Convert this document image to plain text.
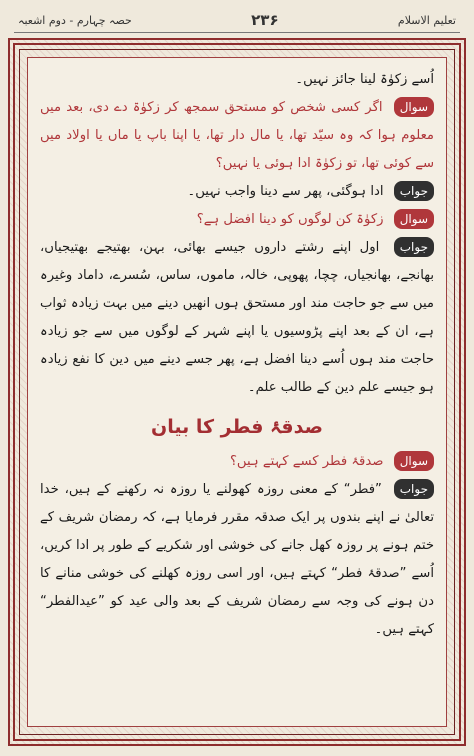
تعلیم الاسلام
۲۳۶
حصہ چہارم - دوم اشعبہ

اُسے زکوٰۃ لینا جائز نہیں۔

سوال اگر کسی شخص کو مستحق سمجھ کر زکوٰۃ دے دی، بعد میں معلوم ہوا کہ وہ سیّد تھا، یا مال دار تھا، یا اپنا باپ یا ماں یا اولاد میں سے کوئی تھا، تو زکوٰۃ ادا ہوئی یا نہیں؟

جواب ادا ہوگئی، پھر سے دینا واجب نہیں۔

سوال زکوٰۃ کن لوگوں کو دینا افضل ہے؟

جواب اول اپنے رشتے داروں جیسے بھائی، بہن، بھتیجے بھتیجیاں، بھانجے، بھانجیاں، چچا، پھوپی، خالہ، ماموں، ساس، سُسرے، داماد وغیرہ میں سے جو حاجت مند اور مستحق ہوں انھیں دینے میں بہت زیادہ ثواب ہے، ان کے بعد اپنے پڑوسیوں یا اپنے شہر کے لوگوں میں سے جو زیادہ حاجت مند ہوں اُسے دینا افضل ہے، پھر جسے دینے میں دین کا نفع زیادہ ہو جیسے علم دین کے طالب علم۔

صدقۂ فطر کا بیان

سوال صدقۂ فطر کسے کہتے ہیں؟

جواب ”فطر“ کے معنی روزہ کھولنے یا روزہ نہ رکھنے کے ہیں، خدا تعالیٰ نے اپنے بندوں پر ایک صدقہ مقرر فرمایا ہے، کہ رمضان شریف کے ختم ہونے پر روزہ کھل جانے کی خوشی اور شکریے کے طور پر ادا کریں، اُسے ”صدقۂ فطر“ کہتے ہیں، اور اسی روزہ کھلنے کی خوشی منانے کا دن ہونے کی وجہ سے رمضان شریف کے بعد والی عید کو ”عیدالفطر“ کہتے ہیں۔
